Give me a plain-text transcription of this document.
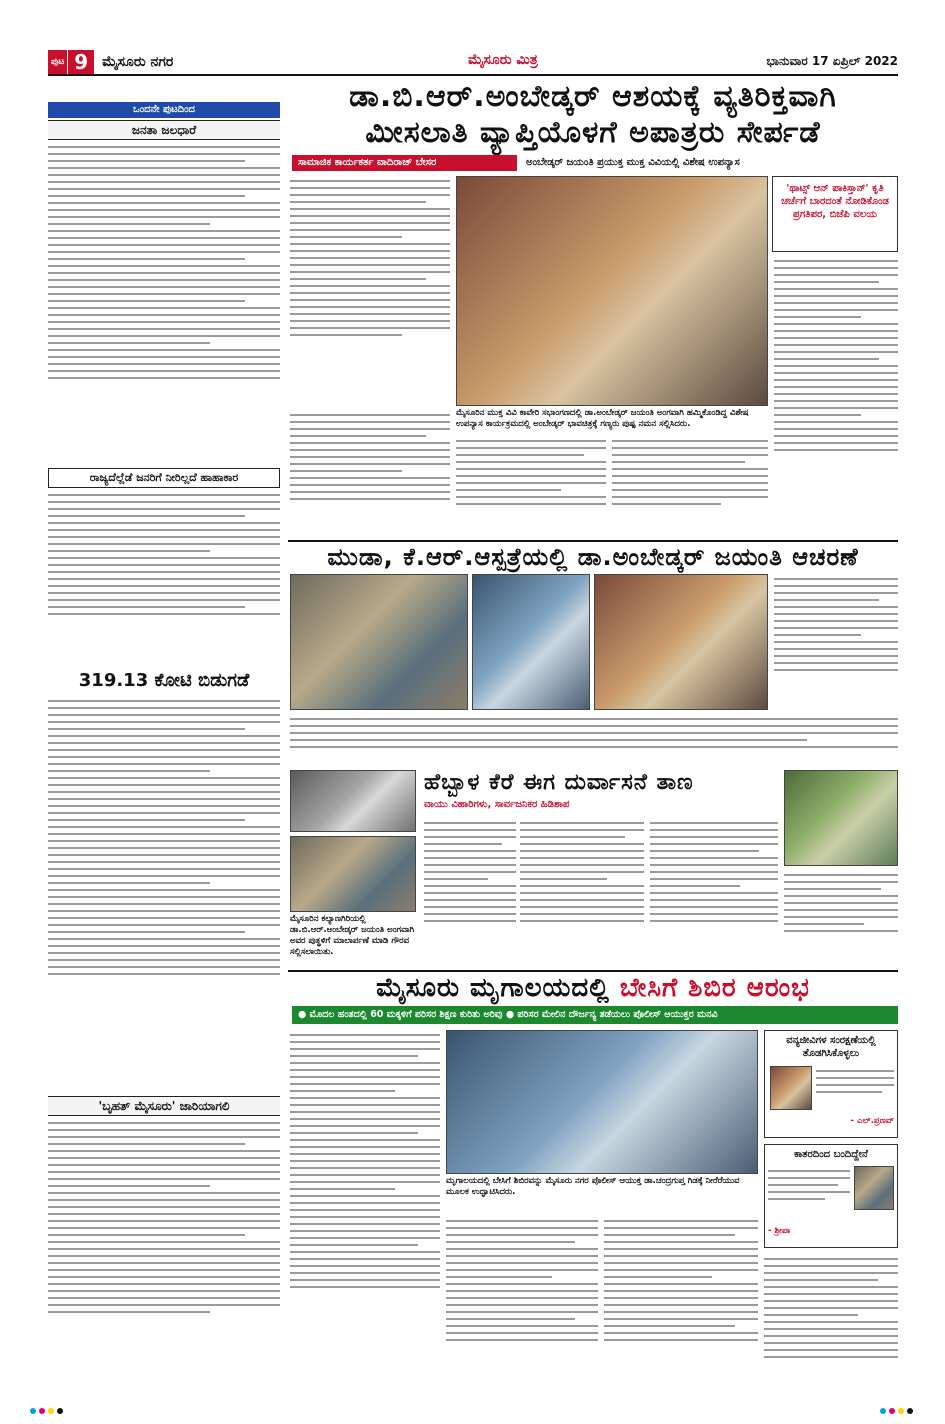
ಪುಟ 9	ಮೈಸೂರು ನಗರ	ಮೈಸೂರು ಮಿತ್ರ	ಭಾನುವಾರ 17 ಏಪ್ರಿಲ್ 2022
ಒಂದನೇ ಪುಟದಿಂದ
ಜನತಾ ಜಲಧಾರೆ
ರಾಜ್ಯದೆಲ್ಲೆಡೆ ಜನರಿಗೆ ನೀರಿಲ್ಲದೆ ಹಾಹಾಕಾರ
319.13 ಕೋಟಿ ಬಿಡುಗಡೆ
'ಬೃಹತ್ ಮೈಸೂರು' ಜಾರಿಯಾಗಲಿ
ಡಾ.ಬಿ.ಆರ್.ಅಂಬೇಡ್ಕರ್ ಆಶಯಕ್ಕೆ ವ್ಯತಿರಿಕ್ತವಾಗಿ
ಮೀಸಲಾತಿ ವ್ಯಾಪ್ತಿಯೊಳಗೆ ಅಪಾತ್ರರು ಸೇರ್ಪಡೆ
ಸಾಮಾಜಿಕ ಕಾರ್ಯಕರ್ತ ವಾದಿರಾಜ್ ಬೇಸರ	ಅಂಬೇಡ್ಕರ್ ಜಯಂತಿ ಪ್ರಯುಕ್ತ ಮುಕ್ತ ವಿವಿಯಲ್ಲಿ ವಿಶೇಷ ಉಪನ್ಯಾಸ
'ಥಾಟ್ಸ್ ಆನ್ ಪಾಕಿಸ್ತಾನ್' ಕೃತಿ ಚರ್ಚೆಗೆ ಬಾರದಂತೆ ನೋಡಿಕೊಂಡ ಪ್ರಗತಿಪರ, ಬಿಜೆಪಿ ವಲಯ
ಮೈಸೂರಿನ ಮುಕ್ತ ವಿವಿ ಕಾವೇರಿ ಸಭಾಂಗಣದಲ್ಲಿ ಡಾ.ಅಂಬೇಡ್ಕರ್ ಜಯಂತಿ ಅಂಗವಾಗಿ ಹಮ್ಮಿಕೊಂಡಿದ್ದ ವಿಶೇಷ ಉಪನ್ಯಾಸ ಕಾರ್ಯಕ್ರಮದಲ್ಲಿ ಅಂಬೇಡ್ಕರ್ ಭಾವಚಿತ್ರಕ್ಕೆ ಗಣ್ಯರು ಪುಷ್ಪ ನಮನ ಸಲ್ಲಿಸಿದರು.
ಮುಡಾ, ಕೆ.ಆರ್.ಆಸ್ಪತ್ರೆಯಲ್ಲಿ ಡಾ.ಅಂಬೇಡ್ಕರ್ ಜಯಂತಿ ಆಚರಣೆ
ಹೆಬ್ಬಾಳ ಕೆರೆ ಈಗ ದುರ್ವಾಸನೆ ತಾಣ
ವಾಯು ವಿಹಾರಿಗಳು, ಸಾರ್ವಜನಿಕರ ಹಿಡಿಶಾಪ
ಮೈಸೂರಿನ ಕಲ್ಯಾಣಗಿರಿಯಲ್ಲಿ ಡಾ.ಬಿ.ಆರ್.ಅಂಬೇಡ್ಕರ್ ಜಯಂತಿ ಅಂಗವಾಗಿ ಅವರ ಪುತ್ಥಳಿಗೆ ಮಾಲಾರ್ಪಣೆ ಮಾಡಿ ಗೌರವ ಸಲ್ಲಿಸಲಾಯಿತು.
ಮೈಸೂರು ಮೃಗಾಲಯದಲ್ಲಿ ಬೇಸಿಗೆ ಶಿಬಿರ ಆರಂಭ
● ಮೊದಲ ಹಂತದಲ್ಲಿ 60 ಮಕ್ಕಳಿಗೆ ಪರಿಸರ ಶಿಕ್ಷಣ ಕುರಿತು ಅರಿವು ● ಪರಿಸರ ಮೇಲಿನ ದೌರ್ಜನ್ಯ ತಡೆಯಲು ಪೊಲೀಸ್ ಆಯುಕ್ತರ ಮನವಿ
ಮೃಗಾಲಯದಲ್ಲಿ ಬೇಸಿಗೆ ಶಿಬಿರವನ್ನು ಮೈಸೂರು ನಗರ ಪೊಲೀಸ್ ಆಯುಕ್ತ ಡಾ.ಚಂದ್ರಗುಪ್ತ ಗಿಡಕ್ಕೆ ನೀರೆರೆಯುವ ಮೂಲಕ ಉದ್ಘಾಟಿಸಿದರು.
ವನ್ಯಜೀವಿಗಳ ಸಂರಕ್ಷಣೆಯಲ್ಲಿ ತೊಡಗಿಸಿಕೊಳ್ಳಲು
- ಎಲ್.ಪ್ರಣವ್
ಕಾತರದಿಂದ ಬಂದಿದ್ದೇನೆ
- ಶ್ರೀಪಾ
